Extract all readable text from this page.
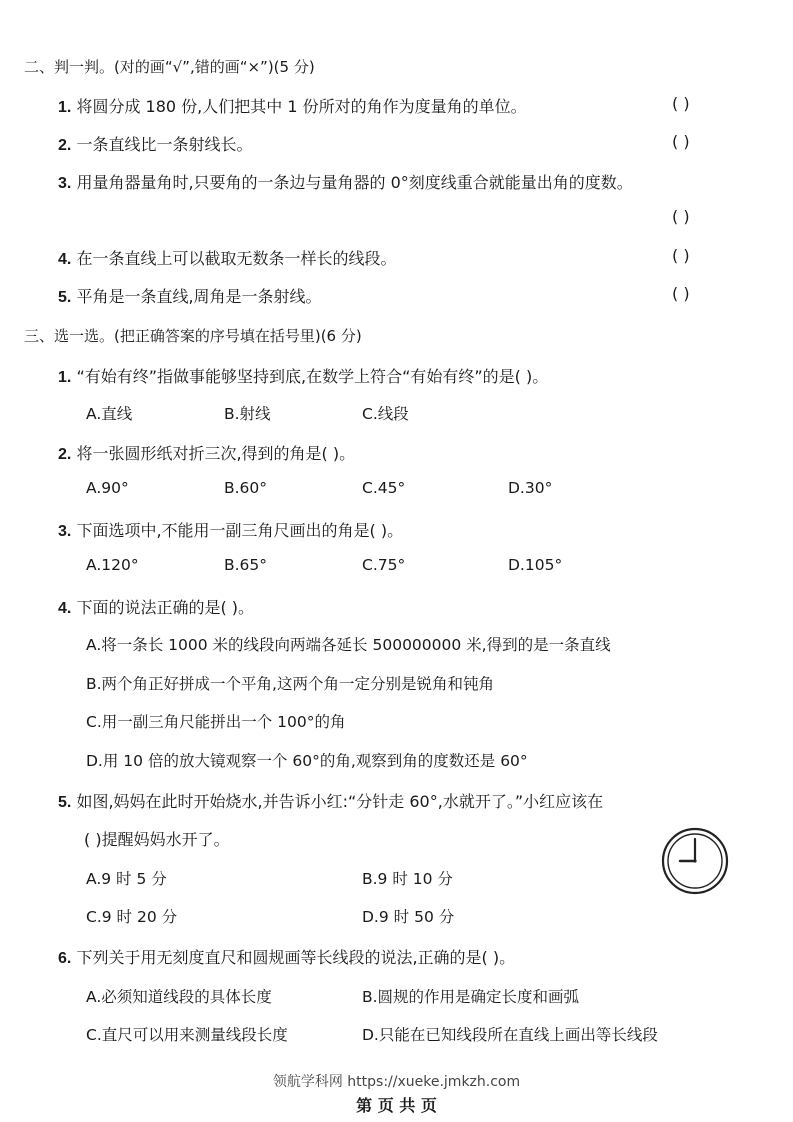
二、判一判。(对的画“√”,错的画“×”)(5 分)
1. 将圆分成 180 份,人们把其中 1 份所对的角作为度量角的单位。	( )
2. 一条直线比一条射线长。	( )
3. 用量角器量角时,只要角的一条边与量角器的 0°刻度线重合就能量出角的度数。
( )
4. 在一条直线上可以截取无数条一样长的线段。	( )
5. 平角是一条直线,周角是一条射线。	( )
三、选一选。(把正确答案的序号填在括号里)(6 分)
1. “有始有终”指做事能够坚持到底,在数学上符合“有始有终”的是( )。
A.直线	B.射线	C.线段
2. 将一张圆形纸对折三次,得到的角是( )。
A.90°	B.60°	C.45°	D.30°
3. 下面选项中,不能用一副三角尺画出的角是( )。
A.120°	B.65°	C.75°	D.105°
4. 下面的说法正确的是( )。
A.将一条长 1000 米的线段向两端各延长 500000000 米,得到的是一条直线
B.两个角正好拼成一个平角,这两个角一定分别是锐角和钝角
C.用一副三角尺能拼出一个 100°的角
D.用 10 倍的放大镜观察一个 60°的角,观察到角的度数还是 60°
5. 如图,妈妈在此时开始烧水,并告诉小红:“分针走 60°,水就开了。”小红应该在
( )提醒妈妈水开了。
A.9 时 5 分	B.9 时 10 分
C.9 时 20 分	D.9 时 50 分
6. 下列关于用无刻度直尺和圆规画等长线段的说法,正确的是( )。
A.必须知道线段的具体长度	B.圆规的作用是确定长度和画弧
C.直尺可以用来测量线段长度	D.只能在已知线段所在直线上画出等长线段
领航学科网 https://xueke.jmkzh.com
第 页 共 页
